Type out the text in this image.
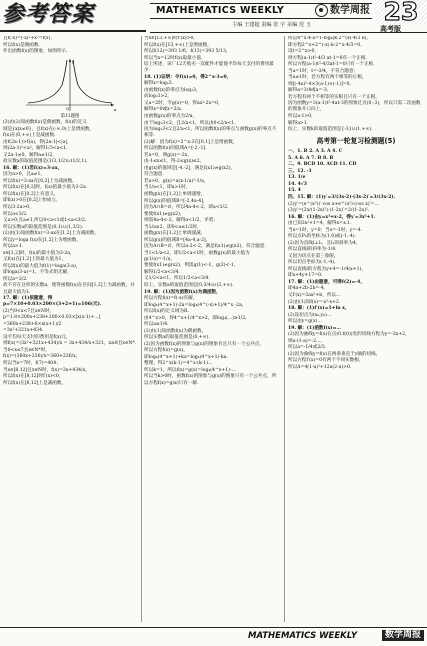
参考答案	MATHEMATICS WEEKLY	数学周报 23
主编 王建超 责编 张 宇 美编 范 玉	高考版

且f(-x)=(-x)²+x²=f(x)，

所以f(x)是偶函数.

作出函数f(x)的图象，如图所示.

x
y
O
第11题图

(3)由(2)知函数f(x)是偶函数，f(x)的定义

域是{x|x≠0}，且f(x)在(-∞,0)上是增函数，

f(x)在(0,+∞)上是减函数.

由f(2a-1)>f(a)，得|2a-1|<|a|，

则(2a-1)²<a²，解得1/3<a<1.

又2a-1≠0，解得a≠1/2，

故实数a的取值范围是(1/3,1/2)∪(1/2,1).

16. 解：(1)若f(x)=3-ax，

因为a>0，且a≠1，

所以f(x)=3-ax在[0,2]上为减函数，

所以f(x)在[0,2]时，f(x)的最小值为3-2a.

所以f(x)在[0,2]上有意义，

即f(x)>0在[0,2]上恒成立，

所以3-2a>0，

所以a<3/2.

又a>0,且a≠1,所以0<a<1或1<a<3/2.

所以实数a的取值范围是(0,1)∪(1,3/2).

(2)由(1)知函数f(x)=3-ax在[1,2]上为减函数，

所以y=loga f(x)在[1,2]上为增函数，

所以a>1.

x∈[1,2]时，f(x)的最小值为3-2a，

又f(x)在[1,2]上的最大值为1，

所以f(x)的最大值为f(1)=loga(3-a)，

即loga(3-a)=1，不等式组无解，

所以a=3/2.

故不存在这样的实数a，使得函数f(x)在区间[1,2]上为减函数，并且最大值为1.

17. 解：(1)依题意，得p=7×10+0.03×200×(3+2+1)=106(元).

(2)当0<x<7且x∈N时，

p=1.8×200x+238+200×0.03×[x(x-1)+...]

=360x+238+6×x(x+1)/2

=3x²+321x+434.

设平均每天支付的费用是f(x)元，

则f(x)=(3x²+321x+434)/x = 3x+434/x+321，x≥8且x∈N*.

当0<x≤7且x∈N*时，

f(x)=(360x+236)/x=360+236/x，

所以当x=7时，f(7)=404；

当x∈[8,12]且x∈N时，f(x)=3x+434/x，

所以f(x)在[8,12]时f′(x)<0，

所以f(x)在[8,12]上是减函数，

当x∈[13,+∞)时f′(x)>0，

所以f(x)在[13,+∞)上是增函数，

所以f(12)=393 1/6，f(13)=393 5/13，

所以当x=12时f(x)取最小值.

综上所述，该厂12天购买一次配件才能使平均每天支付的费用最少.

18. (1)证明：令f(x)=0，得2^x-3=0，

解得x=log₂3.

由函数f(x)的零点为log₂3，

而log₂3>2，

又a=2时，令g(x)=0，得ax²-2x=0，

解得x=0或x=2/a.

由函数g(x)的零点为2/a，

由于log₂3<2，且2/a<1，所以由0<2/a<1，

因为log₂3<2且2/a<1，所以函数f(x)的零点与函数g(x)的零点不相等.

(2)解：因为f(x)=2^x-3在[0,1]上是增函数，

所以函数f(x)的值域A=[-2,-1].

若a=0，则g(x)=-2x，

由-1≤x≤1，得-2≤g(x)≤2，

由g(x)的值域是[-4,-2]，满足f(x1)≠g(x2)，

符合题意.

若a>0，g(x)=a(x-1/a)²-1/a，

当1/a<1，即a>1时，

函数g(x)在[1,2]上单调递增，

所以g(x)的值域B=[-2,4a-4]，

因为A∩B=∅，所以4a-4<-2，即a<1/2.

要使f(x1)≠g(x2)，

则需4a-4<-2，解得a<1/2，矛盾；

当1/a≥2，即0<a≤1/2时，

函数g(x)在[1,2]上单调递减，

所以g(x)的值域B=[4a-4,a-2]，

因为A∩B=∅，所以a-2<-2，满足f(x1)≠g(x2)，符合题意.

当1<1/a<2，即1/2<a<1时，函数g(x)的最小值为g(1/a)=-1/a，

要使f(x1)≠g(x2)，则需g(1)<-1，g(2)<-1,

解得1/2<a<3/4.

又1/2<a<1，所以1/2<a<3/4.

综上，实数a的取值范围是[0,3/4)∪(3,+∞).

19. 解：(1)因为函数f(x)为偶函数，

所以方程f(x)=f(-x)有解，

即log₄(4^x+1)-2a=log₄(4^(-x)+1)/4^x -2a，

所以f(x)的定义域为R.

由4^x>0，得4^x+1/4^x>2，即log₄(...)≥1/2,

所以a≥1/4.

(2)由(1)知函数f(x)为偶函数，

所以实数a的取值范围是(0,+∞).

(2)因为函数f(x)的图象与g(x)的图象有且只有一个公共点，

所以方程f(x)=g(x)，

即log₄(4^x+1)+ka=log₄(4^x+1)-ka.

整理，得2^x(k-1)=4^x·(k-1)…

所以k=1，所以f(x)=g(x)=log₄(4^x+1)-...

所以当k>0时，函数f(x)的图象与g(x)的图象只有一个公共点，所以方程f(x)=g(x)只有一解.

所以4^x·4·a=1-log₄(k·2^(x)-4/3 k)，

即方程2^x+2^(-x)·k-2^x·4/3=0,

设t=2^x>0，

则方程(a-1)t²-4/3 at-1=0有一个正根.

所以方程(a-1)t²-4/3at-1=0只有一个正根.

当a=1时，t=-3/4，不符合题意；

当a≠1时，若方程有两个相等的正根，

则[(-4a)²-4×3(a-1)×(-1)]=0,

解得a=3/4或a=-3,

若方程有两个不相等的实根且只有一个正根，

因为函数y=3(a-1)t²-4at-3的图象过点(0,-3)，所以只需二次函数的图象开口向上，

所以a-1>0，

解得a>1.

综上，实数k的取值范围是{-3}∪(1,+∞).

高考第一轮复习检测题(5)

一、1. B 2. A 3. A 4. C

5. A 6. A 7. B 8. B

二、9. BCD 10. ACD 11. CD

三、12. -1

13. 1/e

14. 4√3

15. 4

四、15. 解：(1)y′=3/(3x-2)·(3x-2)′=3/(3x-2).

(2)y′=(e^(x²))′·cos x+e^(x²)·(cos x)′=…

(3)y′=(2x/(1-2x)²)·(1-2x)′=2/(1-2x)².

16. 解：(1)由y=x³+x-2，得y′=3x²+1.

由已知3x²+1=4，解得x=±1.

当x=1时，y=0；当x=-1时，y=-4.

所以点P₀的坐标为(1,0)或(-1,-4).

(2)因为直线l⊥l₁，且l₁的斜率为4，

所以直线l的斜率为-1/4.

又因为切点在第三象限，

所以切点坐标为(-1,-4)，

所以直线l的方程为y+4=-1/4(x+1)，

即x+4y+17=0.

17. 解：(1)由题意，可得f(2)=-4，

即4a+2b-2b=-4,

又f′(x)=3ax²+b，所以…

(2)由(1)知f(x)=-x³-x+2.

18. 解：(1)f′(x)=1+ln x，

(2)设切点为(x₀,y₀)…

所以由y=g(x)…

19. 解：(1)函数f(x)=…

(2)因为曲线y=f(x)在点(0,f(0))处的切线方程为y=-3x+2，

则a-(1-a)=-2…，

所以a=-1/4或2/3.

(2)因为曲线y=f(x)在两条垂直于y轴的切线，

所以方程f′(x)=0有两个不同实数根，

所以Δ=4(1-a)²+12a(2-a)>0.

MATHEMATICS WEEKLY	数学周报
